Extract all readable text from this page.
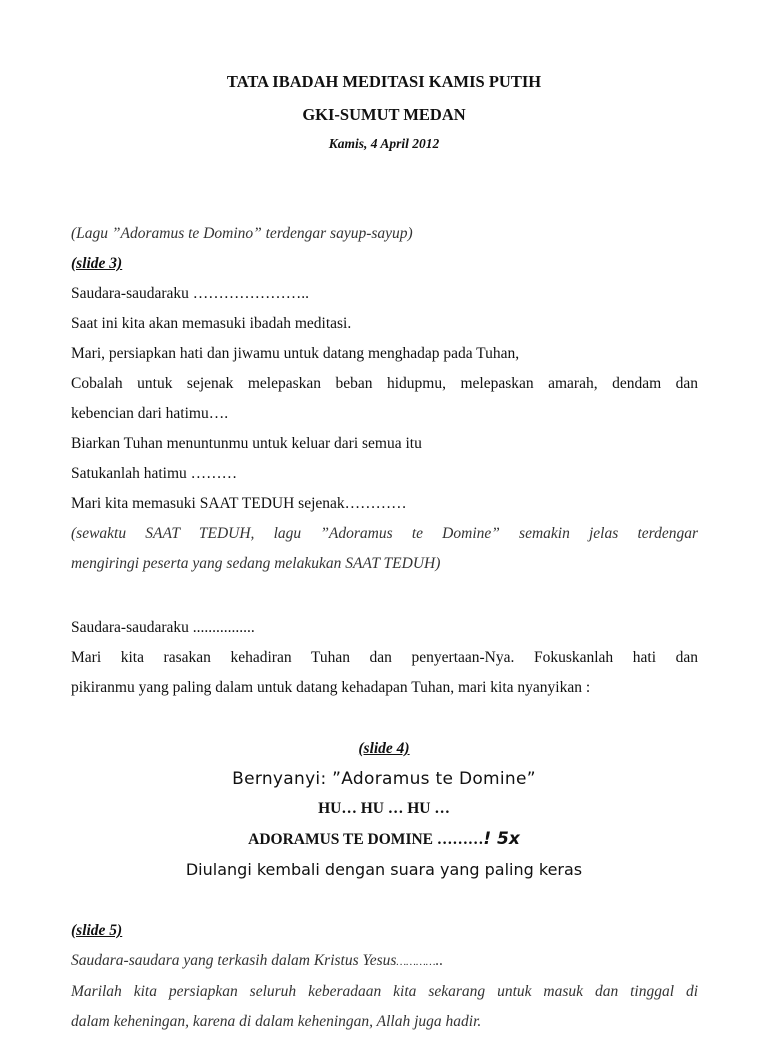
TATA IBADAH MEDITASI KAMIS PUTIH
GKI-SUMUT MEDAN
Kamis, 4 April 2012
(Lagu ”Adoramus te Domino” terdengar sayup-sayup)
(slide 3)
Saudara-saudaraku …………………..
Saat ini kita akan memasuki ibadah meditasi.
Mari, persiapkan hati dan jiwamu untuk datang menghadap pada Tuhan,
Cobalah untuk sejenak melepaskan beban hidupmu, melepaskan amarah, dendam dan
kebencian dari hatimu….
Biarkan Tuhan menuntunmu untuk keluar dari semua itu
Satukanlah hatimu ………
Mari kita memasuki SAAT TEDUH sejenak…………
(sewaktu SAAT TEDUH, lagu ”Adoramus te Domine” semakin jelas terdengar
mengiringi peserta yang sedang melakukan SAAT TEDUH)
Saudara-saudaraku ................
Mari kita rasakan kehadiran Tuhan dan penyertaan-Nya. Fokuskanlah hati dan
pikiranmu yang paling dalam untuk datang kehadapan Tuhan, mari kita nyanyikan :
(slide 4)
Bernyanyi: ”Adoramus te Domine”
HU… HU … HU …
ADORAMUS TE DOMINE ………! 5x
Diulangi kembali dengan suara yang paling keras
(slide 5)
Saudara-saudara yang terkasih dalam Kristus Yesus…………..
Marilah kita persiapkan seluruh keberadaan kita sekarang untuk masuk dan tinggal di
dalam keheningan, karena di dalam keheningan, Allah juga hadir.
